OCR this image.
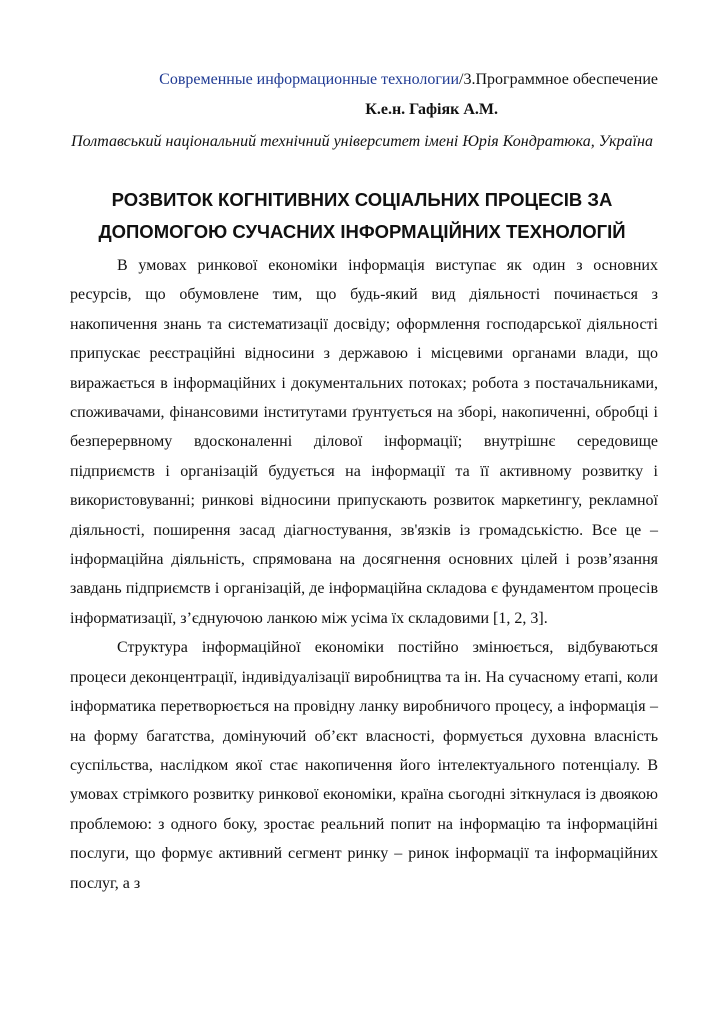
Современные информационные технологии/3.Программное обеспечение
К.е.н. Гафіяк А.М.
Полтавський національний технічний університет імені Юрія Кондратюка, Україна
РОЗВИТОК КОГНІТИВНИХ СОЦІАЛЬНИХ ПРОЦЕСІВ ЗА ДОПОМОГОЮ СУЧАСНИХ ІНФОРМАЦІЙНИХ ТЕХНОЛОГІЙ

В умовах ринкової економіки інформація виступає як один з основних ресурсів, що обумовлене тим, що будь-який вид діяльності починається з накопичення знань та систематизації досвіду; оформлення господарської діяльності припускає реєстраційні відносини з державою і місцевими органами влади, що виражається в інформаційних і документальних потоках; робота з постачальниками, споживачами, фінансовими інститутами ґрунтується на зборі, накопиченні, обробці і безперервному вдосконаленні ділової інформації; внутрішнє середовище підприємств і організацій будується на інформації та її активному розвитку і використовуванні; ринкові відносини припускають розвиток маркетингу, рекламної діяльності, поширення засад діагностування, зв'язків із громадськістю. Все це – інформаційна діяльність, спрямована на досягнення основних цілей і розв’язання завдань підприємств і організацій, де інформаційна складова є фундаментом процесів інформатизації, з’єднуючою ланкою між усіма їх складовими [1, 2, 3].

Структура інформаційної економіки постійно змінюється, відбуваються процеси деконцентрації, індивідуалізації виробництва та ін. На сучасному етапі, коли інформатика перетворюється на провідну ланку виробничого процесу, а інформація – на форму багатства, домінуючий об’єкт власності, формується духовна власність суспільства, наслідком якої стає накопичення його інтелектуального потенціалу. В умовах стрімкого розвитку ринкової економіки, країна сьогодні зіткнулася із двоякою проблемою: з одного боку, зростає реальний попит на інформацію та інформаційні послуги, що формує активний сегмент ринку – ринок інформації та інформаційних послуг, а з
